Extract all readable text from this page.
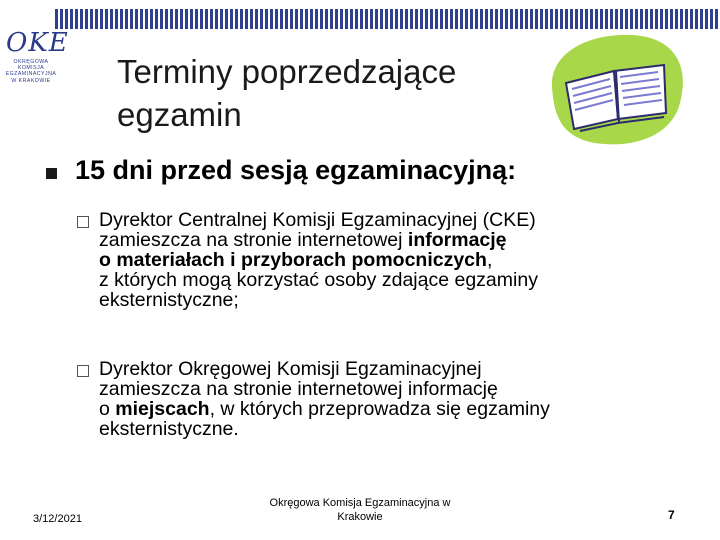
OKE
OKRĘGOWA
KOMISJA
EGZAMINACYJNA
W KRAKOWIE Terminy poprzedzające
egzamin
15 dni przed sesją egzaminacyjną:
Dyrektor Centralnej Komisji Egzaminacyjnej (CKE)
zamieszcza na stronie internetowej informację
o materiałach i przyborach pomocniczych,
z których mogą korzystać osoby zdające egzaminy
eksternistyczne;
Dyrektor Okręgowej Komisji Egzaminacyjnej
zamieszcza na stronie internetowej informację
o miejscach, w których przeprowadza się egzaminy
eksternistyczne.
3/12/2021
Okręgowa Komisja Egzaminacyjna w
Krakowie	7
